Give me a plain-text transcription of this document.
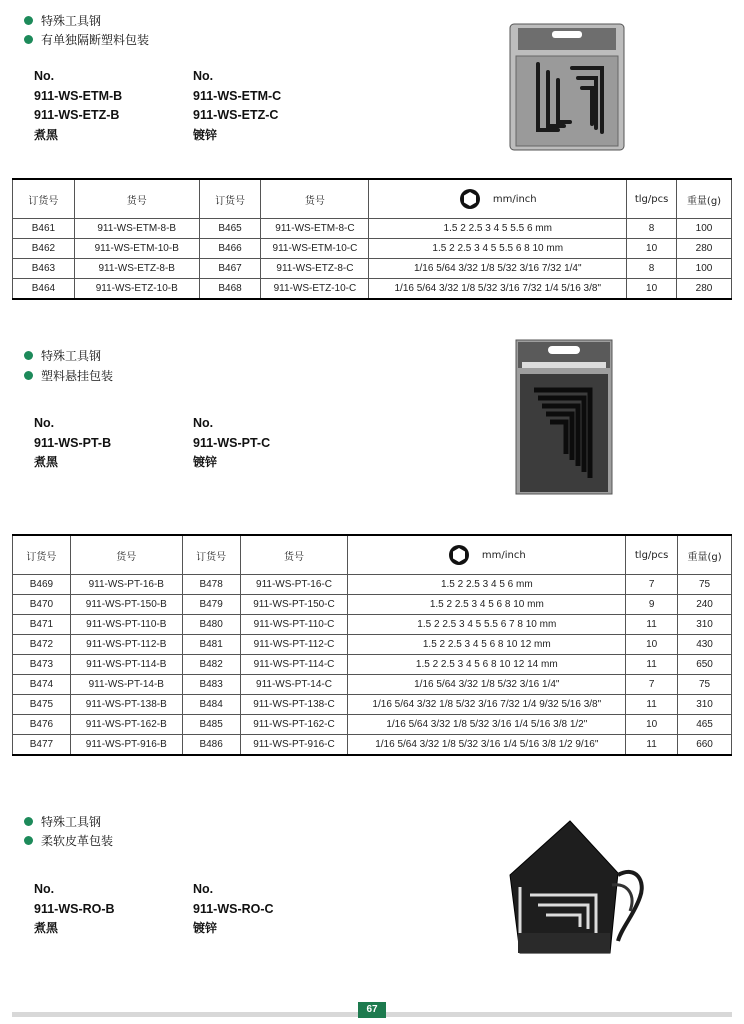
特殊工具钢
有单独隔断塑料包装
No.
911-WS-ETM-B
911-WS-ETZ-B
煮黑
No.
911-WS-ETM-C
911-WS-ETZ-C
镀锌
订货号	货号	订货号	货号	mm/inch	tlg/pcs	重量(g)
B461	911-WS-ETM-8-B	B465	911-WS-ETM-8-C	1.5 2 2.5 3 4 5 5.5 6 mm	8	100
B462	911-WS-ETM-10-B	B466	911-WS-ETM-10-C	1.5 2 2.5 3 4 5 5.5 6 8 10 mm	10	280
B463	911-WS-ETZ-8-B	B467	911-WS-ETZ-8-C	1/16 5/64 3/32 1/8 5/32 3/16 7/32 1/4"	8	100
B464	911-WS-ETZ-10-B	B468	911-WS-ETZ-10-C	1/16 5/64 3/32 1/8 5/32 3/16 7/32 1/4 5/16 3/8"	10	280
特殊工具钢
塑料悬挂包装
No.
911-WS-PT-B
煮黑
No.
911-WS-PT-C
镀锌
订货号	货号	订货号	货号	mm/inch	tlg/pcs	重量(g)
B469	911-WS-PT-16-B	B478	911-WS-PT-16-C	1.5 2 2.5 3 4 5 6 mm	7	75
B470	911-WS-PT-150-B	B479	911-WS-PT-150-C	1.5 2 2.5 3 4 5 6 8 10 mm	9	240
B471	911-WS-PT-110-B	B480	911-WS-PT-110-C	1.5 2 2.5 3 4 5 5.5 6 7 8 10 mm	11	310
B472	911-WS-PT-112-B	B481	911-WS-PT-112-C	1.5 2 2.5 3 4 5 6 8 10 12 mm	10	430
B473	911-WS-PT-114-B	B482	911-WS-PT-114-C	1.5 2 2.5 3 4 5 6 8 10 12 14 mm	11	650
B474	911-WS-PT-14-B	B483	911-WS-PT-14-C	1/16 5/64 3/32 1/8 5/32 3/16 1/4"	7	75
B475	911-WS-PT-138-B	B484	911-WS-PT-138-C	1/16 5/64 3/32 1/8 5/32 3/16 7/32 1/4 9/32 5/16 3/8"	11	310
B476	911-WS-PT-162-B	B485	911-WS-PT-162-C	1/16 5/64 3/32 1/8 5/32 3/16 1/4 5/16 3/8 1/2"	10	465
B477	911-WS-PT-916-B	B486	911-WS-PT-916-C	1/16 5/64 3/32 1/8 5/32 3/16 1/4 5/16 3/8 1/2 9/16"	11	660
特殊工具钢
柔软皮革包装
No.
911-WS-RO-B
煮黑
No.
911-WS-RO-C
镀锌
67
